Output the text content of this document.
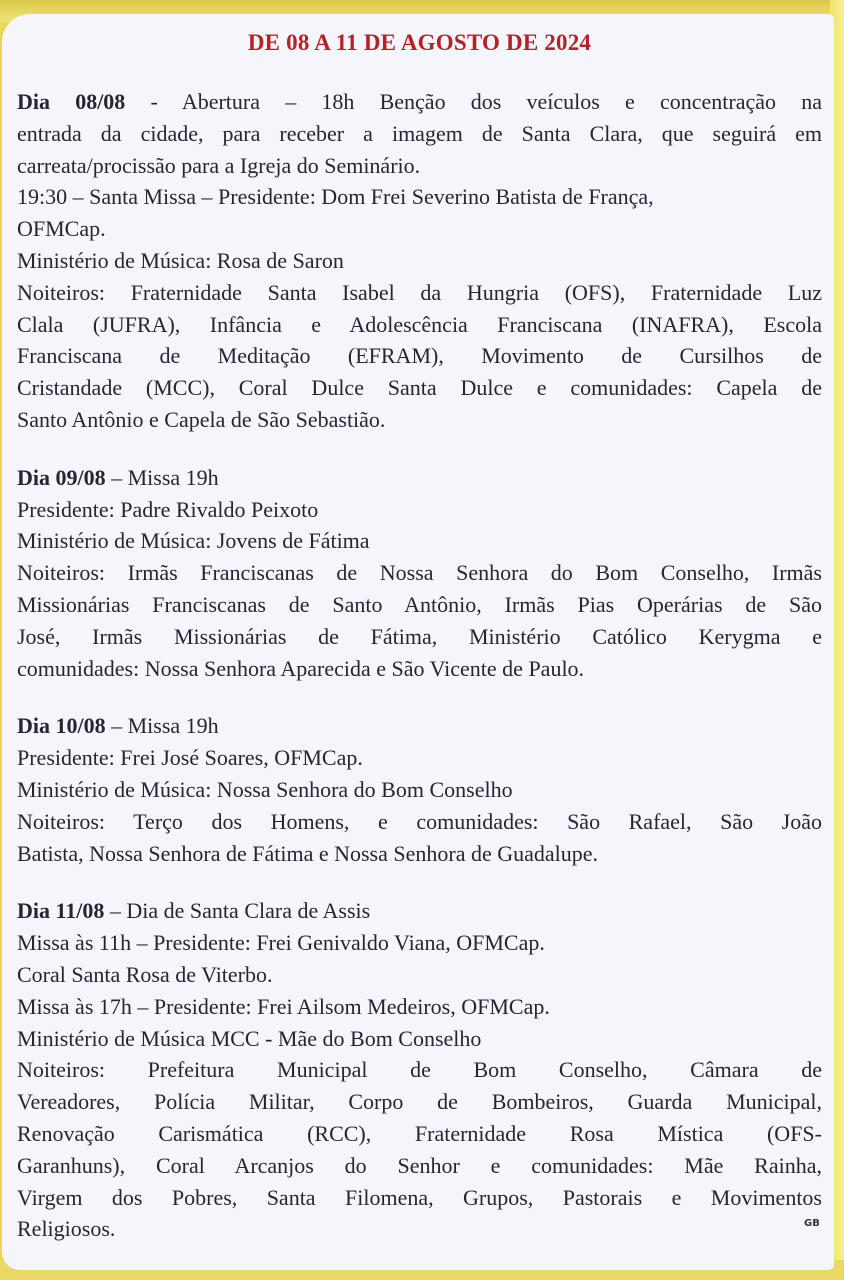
DE 08 A 11 DE AGOSTO DE 2024
Dia 08/08 - Abertura – 18h Benção dos veículos e concentração na
entrada da cidade, para receber a imagem de Santa Clara, que seguirá em
carreata/procissão para a Igreja do Seminário.
19:30 – Santa Missa – Presidente: Dom Frei Severino Batista de França,
OFMCap.
Ministério de Música: Rosa de Saron
Noiteiros: Fraternidade Santa Isabel da Hungria (OFS), Fraternidade Luz
Clala (JUFRA), Infância e Adolescência Franciscana (INAFRA), Escola
Franciscana de Meditação (EFRAM), Movimento de Cursilhos de
Cristandade (MCC), Coral Dulce Santa Dulce e comunidades: Capela de
Santo Antônio e Capela de São Sebastião.
Dia 09/08 – Missa 19h
Presidente: Padre Rivaldo Peixoto
Ministério de Música: Jovens de Fátima
Noiteiros: Irmãs Franciscanas de Nossa Senhora do Bom Conselho, Irmãs
Missionárias Franciscanas de Santo Antônio, Irmãs Pias Operárias de São
José, Irmãs Missionárias de Fátima, Ministério Católico Kerygma e
comunidades: Nossa Senhora Aparecida e São Vicente de Paulo.
Dia 10/08 – Missa 19h
Presidente: Frei José Soares, OFMCap.
Ministério de Música: Nossa Senhora do Bom Conselho
Noiteiros: Terço dos Homens, e comunidades: São Rafael, São João
Batista, Nossa Senhora de Fátima e Nossa Senhora de Guadalupe.
Dia 11/08 – Dia de Santa Clara de Assis
Missa às 11h – Presidente: Frei Genivaldo Viana, OFMCap.
Coral Santa Rosa de Viterbo.
Missa às 17h – Presidente: Frei Ailsom Medeiros, OFMCap.
Ministério de Música MCC - Mãe do Bom Conselho
Noiteiros: Prefeitura Municipal de Bom Conselho, Câmara de
Vereadores, Polícia Militar, Corpo de Bombeiros, Guarda Municipal,
Renovação Carismática (RCC), Fraternidade Rosa Mística (OFS-
Garanhuns), Coral Arcanjos do Senhor e comunidades: Mãe Rainha,
Virgem dos Pobres, Santa Filomena, Grupos, Pastorais e Movimentos
Religiosos.	GB
